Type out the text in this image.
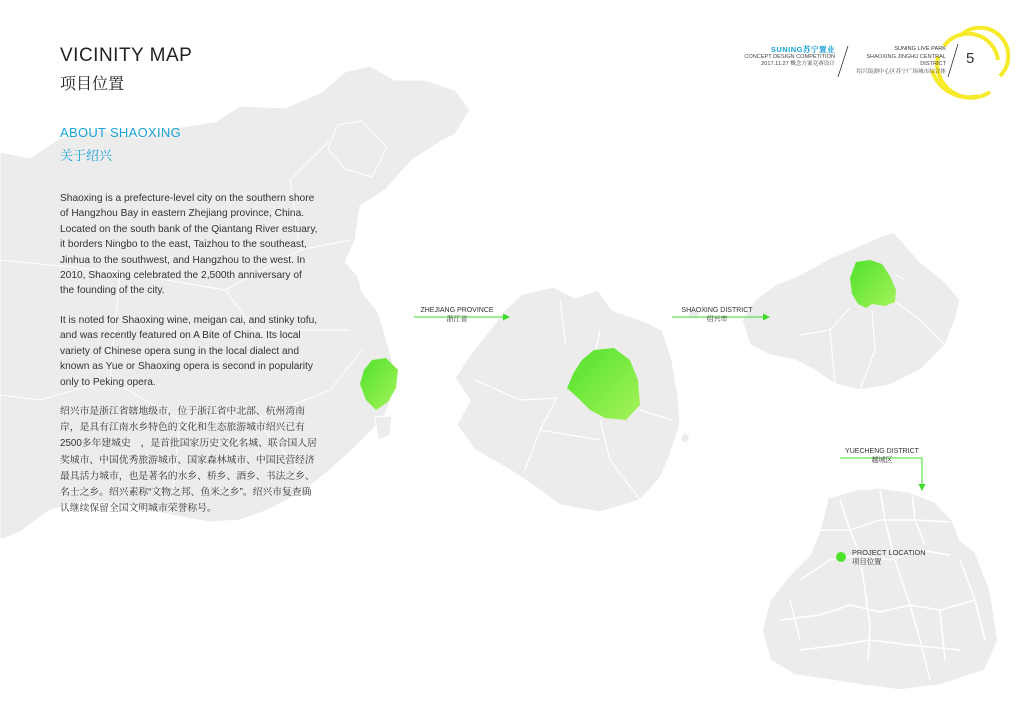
VICINITY MAP
项目位置
ABOUT SHAOXING
关于绍兴

Shaoxing is a prefecture-level city on the southern shore of Hangzhou Bay in eastern Zhejiang province, China. Located on the south bank of the Qiantang River estuary, it borders Ningbo to the east, Taizhou to the southeast, Jinhua to the southwest, and Hangzhou to the west. In 2010, Shaoxing celebrated the 2,500th anniversary of the founding of the city.

It is noted for Shaoxing wine, meigan cai, and stinky tofu, and was recently featured on A Bite of China. Its local variety of Chinese opera sung in the local dialect and known as Yue or Shaoxing opera is second in popularity only to Peking opera.

绍兴市是浙江省辖地级市，位于浙江省中北部、杭州湾南岸，是具有江南水乡特色的文化和生态旅游城市绍兴已有2500多年建城史　，是首批国家历史文化名城、联合国人居奖城市、中国优秀旅游城市、国家森林城市、中国民营经济最具活力城市，也是著名的水乡、桥乡、酒乡、书法之乡、名士之乡。绍兴素称“文物之邦、鱼米之乡”。绍兴市复查确认继续保留全国文明城市荣誉称号。

SUNING苏宁置业
CONCEPT DESIGN COMPETITION
2017.11.27 概念方案竞赛设计
SUNING LIVE PARK
SHAOXING JINGHU CENTRAL DISTRICT
绍兴镜湖中心区苏宁广场城市综合体
5
ZHEJIANG PROVINCE
浙江省
SHAOXING DISTRICT
绍兴市
YUECHENG DISTRICT
越城区
PROJECT LOCATION
项目位置
